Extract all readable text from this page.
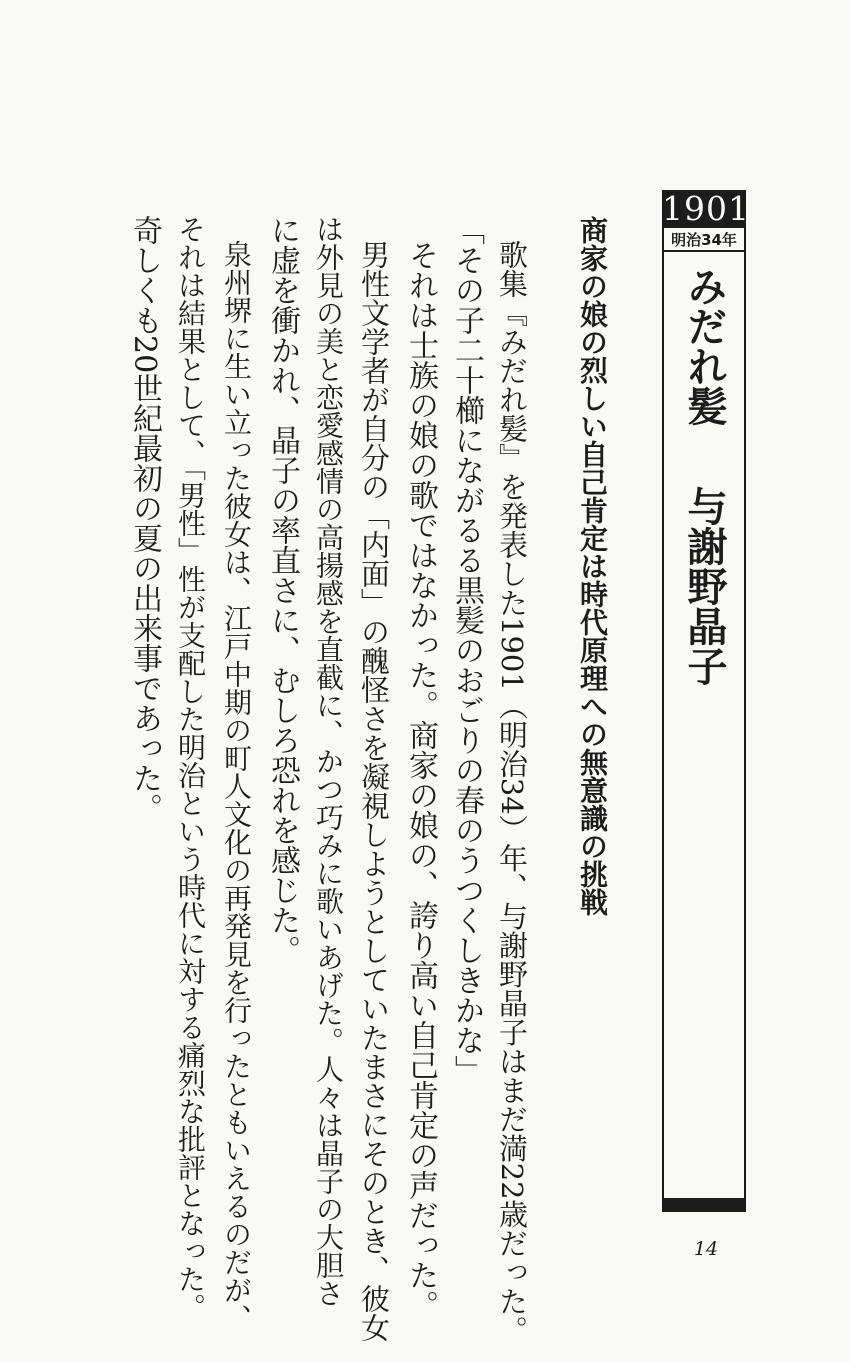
1901
明治34年
みだれ髪与謝野晶子
14
商家の娘の烈しい自己肯定は時代原理への無意識の挑戦
歌集『みだれ髪』を発表した1901（明治34）年、与謝野晶子はまだ満22歳だった。
「その子二十櫛にながるる黒髪のおごりの春のうつくしきかな」
それは士族の娘の歌ではなかった。商家の娘の、誇り高い自己肯定の声だった。
男性文学者が自分の「内面」の醜怪さを凝視しようとしていたまさにそのとき、彼女
は外見の美と恋愛感情の高揚感を直截に、かつ巧みに歌いあげた。人々は晶子の大胆さ
に虚を衝かれ、晶子の率直さに、むしろ恐れを感じた。
泉州堺に生い立った彼女は、江戸中期の町人文化の再発見を行ったともいえるのだが、
それは結果として、「男性」性が支配した明治という時代に対する痛烈な批評となった。
奇しくも20世紀最初の夏の出来事であった。
